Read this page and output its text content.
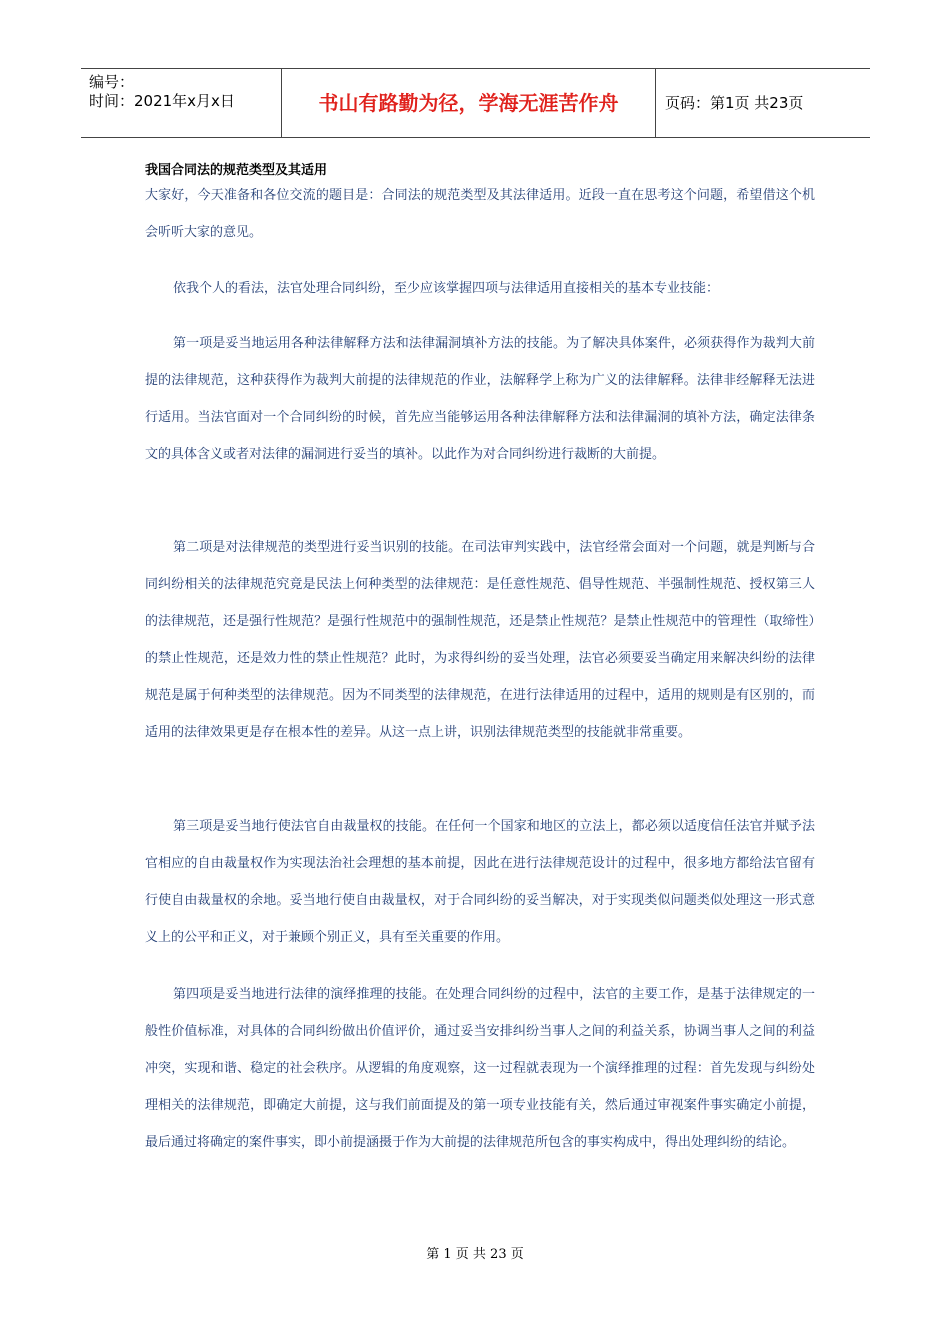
编号：
时间：2021年x月x日	书山有路勤为径，学海无涯苦作舟	页码：第1页 共23页
我国合同法的规范类型及其适用
大家好，今天准备和各位交流的题目是：合同法的规范类型及其法律适用。近段一直在思考这个问题，希望借这个机会听听大家的意见。
依我个人的看法，法官处理合同纠纷，至少应该掌握四项与法律适用直接相关的基本专业技能：
第一项是妥当地运用各种法律解释方法和法律漏洞填补方法的技能。为了解决具体案件，必须获得作为裁判大前提的法律规范，这种获得作为裁判大前提的法律规范的作业，法解释学上称为广义的法律解释。法律非经解释无法进行适用。当法官面对一个合同纠纷的时候，首先应当能够运用各种法律解释方法和法律漏洞的填补方法，确定法律条文的具体含义或者对法律的漏洞进行妥当的填补。以此作为对合同纠纷进行裁断的大前提。
第二项是对法律规范的类型进行妥当识别的技能。在司法审判实践中，法官经常会面对一个问题，就是判断与合同纠纷相关的法律规范究竟是民法上何种类型的法律规范：是任意性规范、倡导性规范、半强制性规范、授权第三人的法律规范，还是强行性规范？是强行性规范中的强制性规范，还是禁止性规范？是禁止性规范中的管理性（取缔性）的禁止性规范，还是效力性的禁止性规范？此时，为求得纠纷的妥当处理，法官必须要妥当确定用来解决纠纷的法律规范是属于何种类型的法律规范。因为不同类型的法律规范，在进行法律适用的过程中，适用的规则是有区别的，而适用的法律效果更是存在根本性的差异。从这一点上讲，识别法律规范类型的技能就非常重要。
第三项是妥当地行使法官自由裁量权的技能。在任何一个国家和地区的立法上，都必须以适度信任法官并赋予法官相应的自由裁量权作为实现法治社会理想的基本前提，因此在进行法律规范设计的过程中，很多地方都给法官留有行使自由裁量权的余地。妥当地行使自由裁量权，对于合同纠纷的妥当解决，对于实现类似问题类似处理这一形式意义上的公平和正义，对于兼顾个别正义，具有至关重要的作用。
第四项是妥当地进行法律的演绎推理的技能。在处理合同纠纷的过程中，法官的主要工作，是基于法律规定的一般性价值标准，对具体的合同纠纷做出价值评价，通过妥当安排纠纷当事人之间的利益关系，协调当事人之间的利益冲突，实现和谐、稳定的社会秩序。从逻辑的角度观察，这一过程就表现为一个演绎推理的过程：首先发现与纠纷处理相关的法律规范，即确定大前提，这与我们前面提及的第一项专业技能有关，然后通过审视案件事实确定小前提，最后通过将确定的案件事实，即小前提涵摄于作为大前提的法律规范所包含的事实构成中，得出处理纠纷的结论。
第 1 页 共 23 页
